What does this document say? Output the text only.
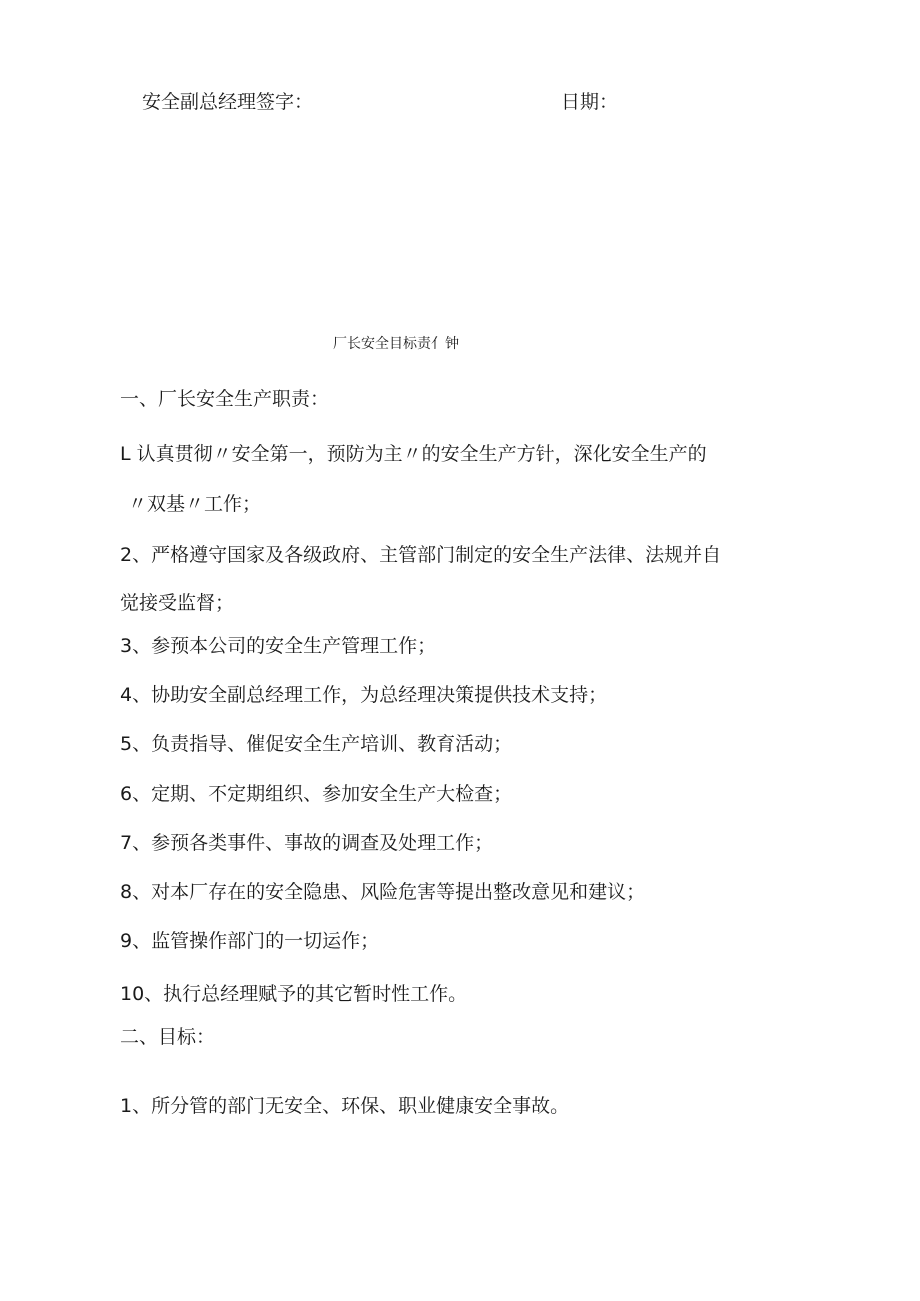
安全副总经理签字：	日期：
厂长安全目标责亻钟
一、厂长安全生产职责：
L 认真贯彻〃安全第一，预防为主〃的安全生产方针，深化安全生产的
〃双基〃工作；
2、严格遵守国家及各级政府、主管部门制定的安全生产法律、法规并自
觉接受监督；
3、参预本公司的安全生产管理工作；
4、协助安全副总经理工作，为总经理决策提供技术支持；
5、负责指导、催促安全生产培训、教育活动；
6、定期、不定期组织、参加安全生产大检查；
7、参预各类事件、事故的调查及处理工作；
8、对本厂存在的安全隐患、风险危害等提出整改意见和建议；
9、监管操作部门的一切运作；
10、执行总经理赋予的其它暂时性工作。
二、目标：
1、所分管的部门无安全、环保、职业健康安全事故。
